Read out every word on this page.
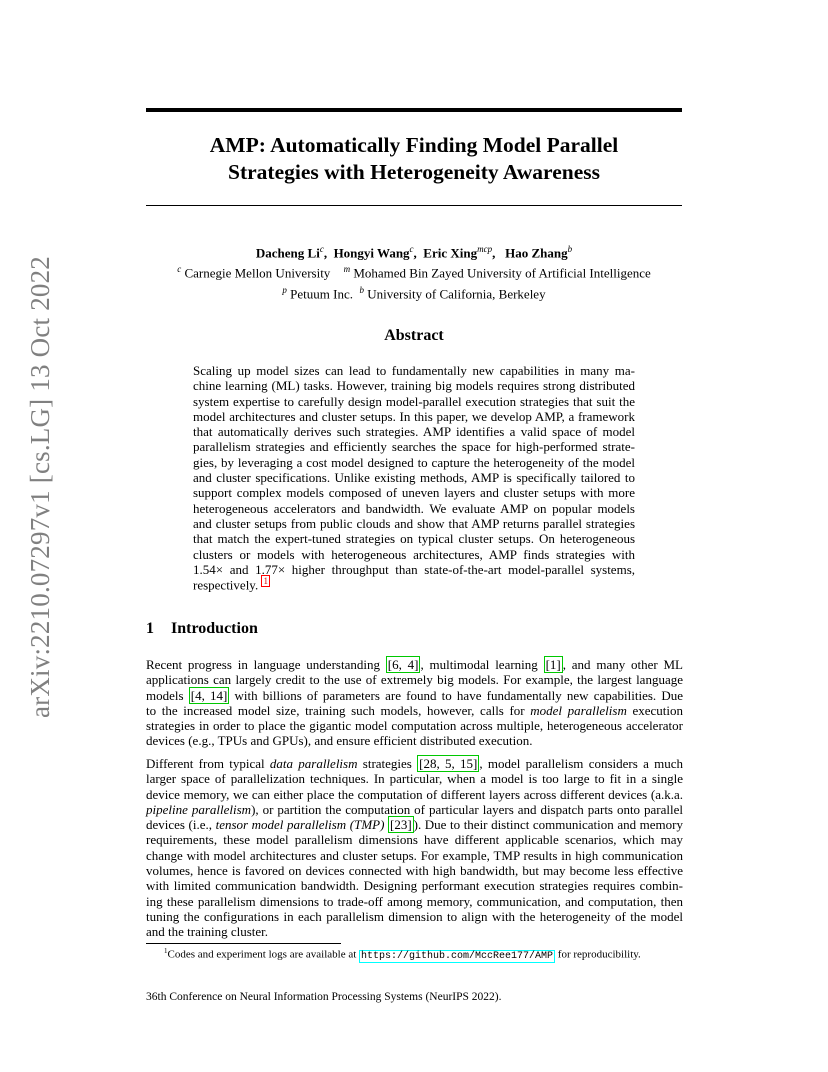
arXiv:2210.07297v1 [cs.LG] 13 Oct 2022
AMP: Automatically Finding Model Parallel
Strategies with Heterogeneity Awareness
Dacheng Li$^c$,  Hongyi Wang$^c$,  Eric Xing$^{mcp}$,   Hao Zhang$^b$
$^c$ Carnegie Mellon University $^m$ Mohamed Bin Zayed University of Artificial Intelligence
$^p$ Petuum Inc. $^b$ University of California, Berkeley
Abstract
Scaling up model sizes can lead to fundamentally new capabilities in many ma-
chine learning (ML) tasks. However, training big models requires strong distributed
system expertise to carefully design model-parallel execution strategies that suit the
model architectures and cluster setups. In this paper, we develop AMP, a framework
that automatically derives such strategies. AMP identifies a valid space of model
parallelism strategies and efficiently searches the space for high-performed strate-
gies, by leveraging a cost model designed to capture the heterogeneity of the model
and cluster specifications. Unlike existing methods, AMP is specifically tailored to
support complex models composed of uneven layers and cluster setups with more
heterogeneous accelerators and bandwidth. We evaluate AMP on popular models
and cluster setups from public clouds and show that AMP returns parallel strategies
that match the expert-tuned strategies on typical cluster setups. On heterogeneous
clusters or models with heterogeneous architectures, AMP finds strategies with
1.54× and 1.77× higher throughput than state-of-the-art model-parallel systems,
respectively. $^1$
1 Introduction
Recent progress in language understanding [6, 4] , multimodal learning [1] , and many other ML
applications can largely credit to the use of extremely big models. For example, the largest language
models [4, 14] with billions of parameters are found to have fundamentally new capabilities. Due
to the increased model size, training such models, however, calls for model parallelism execution
strategies in order to place the gigantic model computation across multiple, heterogeneous accelerator
devices (e.g., TPUs and GPUs), and ensure efficient distributed execution.
Different from typical data parallelism strategies [28, 5, 15] , model parallelism considers a much
larger space of parallelization techniques. In particular, when a model is too large to fit in a single
device memory, we can either place the computation of different layers across different devices (a.k.a.
pipeline parallelism), or partition the computation of particular layers and dispatch parts onto parallel
devices (i.e., tensor model parallelism (TMP) [23] ). Due to their distinct communication and memory
requirements, these model parallelism dimensions have different applicable scenarios, which may
change with model architectures and cluster setups. For example, TMP results in high communication
volumes, hence is favored on devices connected with high bandwidth, but may become less effective
with limited communication bandwidth. Designing performant execution strategies requires combin-
ing these parallelism dimensions to trade-off among memory, communication, and computation, then
tuning the configurations in each parallelism dimension to align with the heterogeneity of the model
and the training cluster.
$^1$Codes and experiment logs are available at https://github.com/MccRee177/AMP for reproducibility.
36th Conference on Neural Information Processing Systems (NeurIPS 2022).
